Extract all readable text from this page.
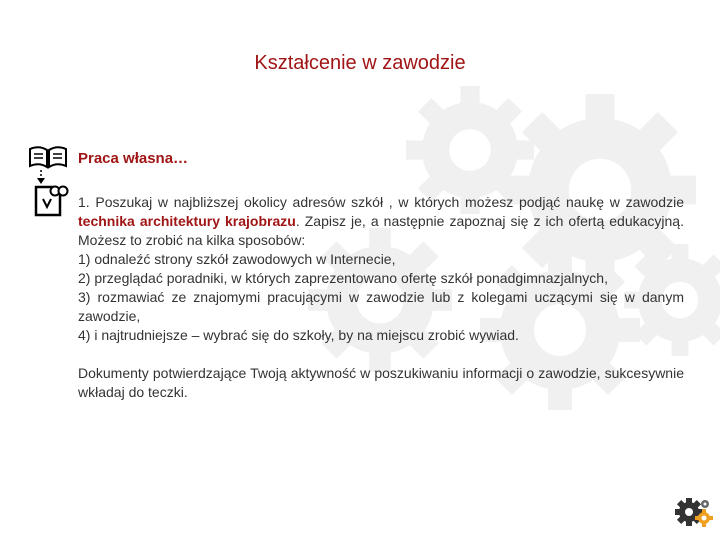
Kształcenie w zawodzie
Praca własna…

1. Poszukaj w najbliższej okolicy adresów szkół , w których możesz podjąć naukę w zawodzie technika architektury krajobrazu. Zapisz je, a następnie zapoznaj się z ich ofertą edukacyjną. Możesz to zrobić na kilka sposobów:

1) odnaleźć strony szkół zawodowych w Internecie,

2) przeglądać poradniki, w których zaprezentowano ofertę szkół ponadgimnazjalnych,

3) rozmawiać ze znajomymi pracującymi w zawodzie lub z kolegami uczącymi się w danym zawodzie,

4) i najtrudniejsze – wybrać się do szkoły, by na miejscu zrobić wywiad.

Dokumenty potwierdzające Twoją aktywność w poszukiwaniu informacji o zawodzie, sukcesywnie wkładaj do teczki.
